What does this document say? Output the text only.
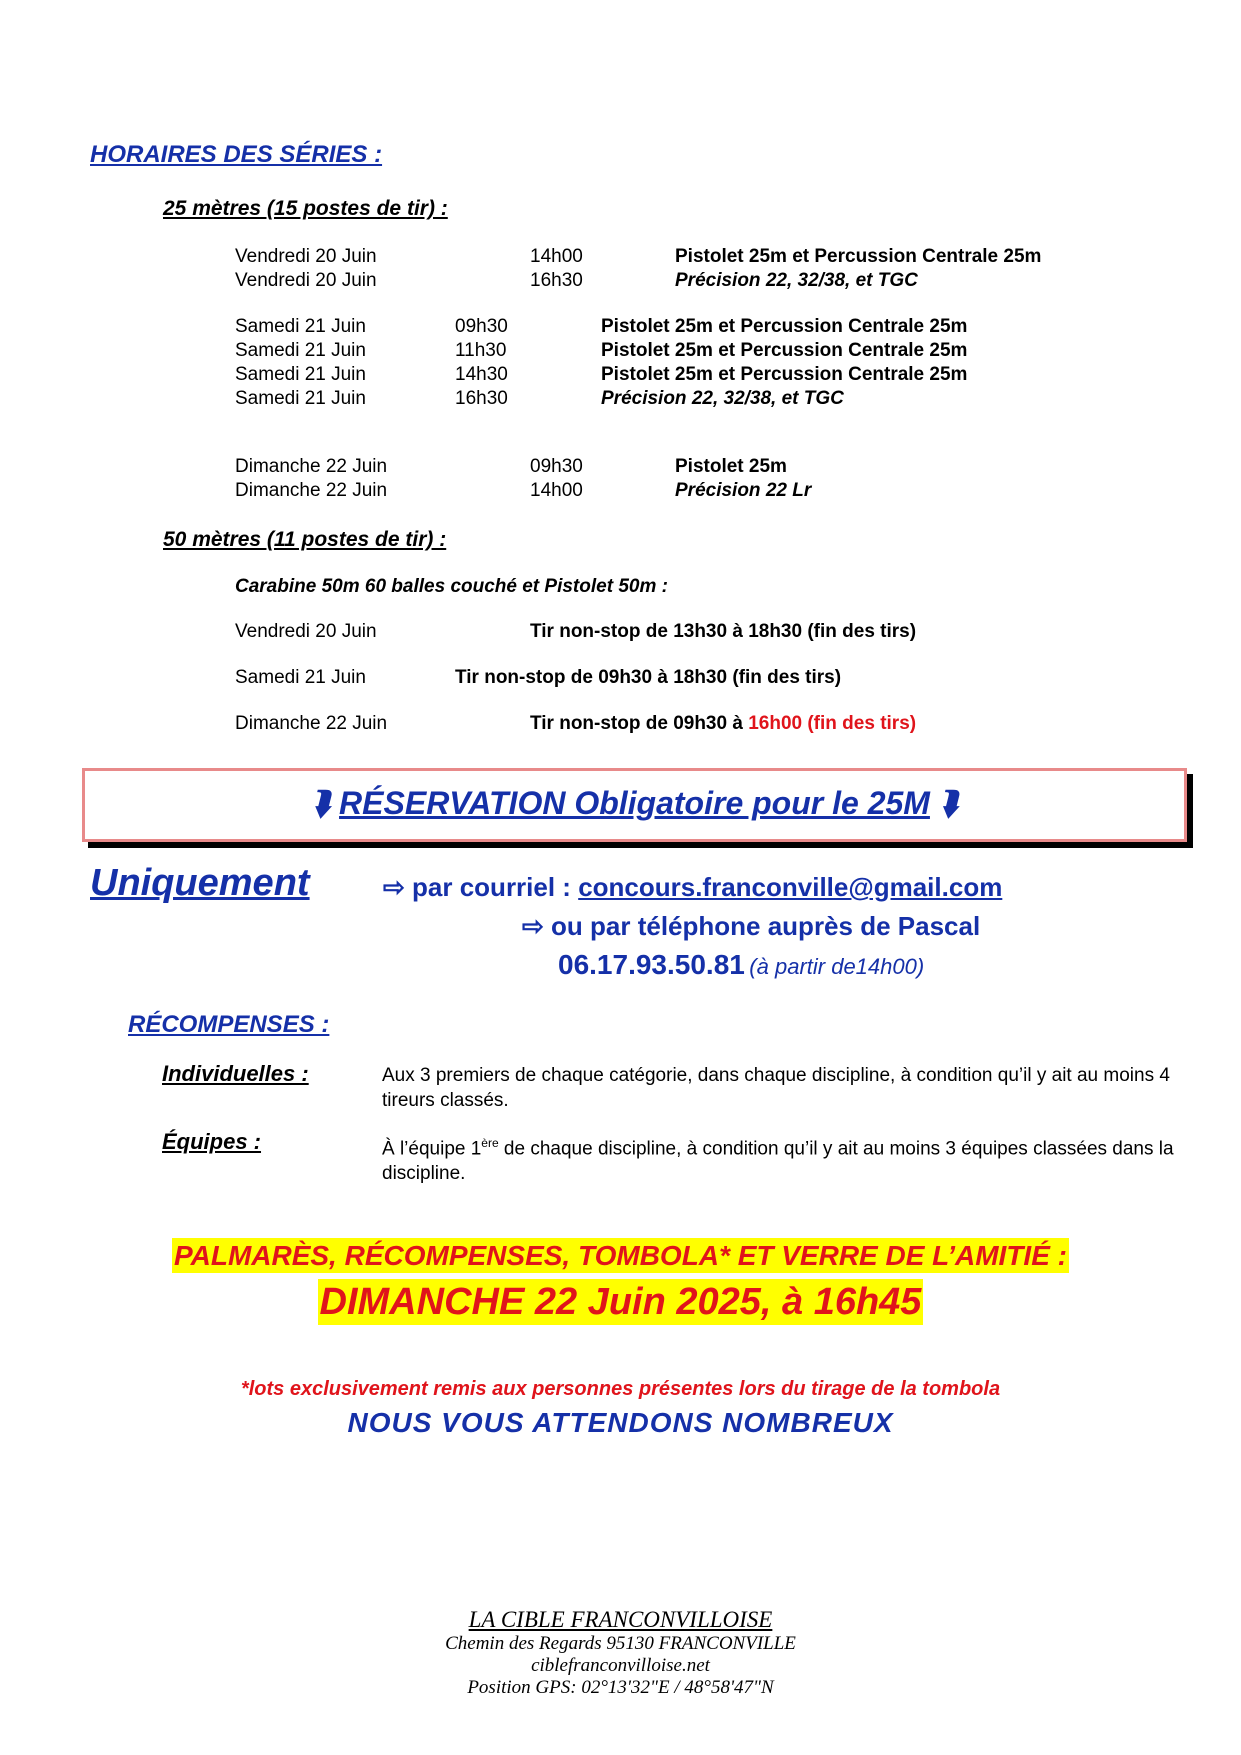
HORAIRES DES SÉRIES :
25 mètres (15 postes de tir) :
Vendredi 20 Juin	14h00	Pistolet 25m et Percussion Centrale 25m
Vendredi 20 Juin	16h30	Précision 22, 32/38, et TGC
Samedi 21 Juin	09h30	Pistolet 25m et Percussion Centrale 25m
Samedi 21 Juin	11h30	Pistolet 25m et Percussion Centrale 25m
Samedi 21 Juin	14h30	Pistolet 25m et Percussion Centrale 25m
Samedi 21 Juin	16h30	Précision 22, 32/38, et TGC
Dimanche 22 Juin	09h30	Pistolet 25m
Dimanche 22 Juin	14h00	Précision 22 Lr
50 mètres (11 postes de tir) :
Carabine 50m 60 balles couché et Pistolet 50m :
Vendredi 20 Juin	Tir non-stop de 13h30 à 18h30 (fin des tirs)
Samedi 21 Juin	Tir non-stop de 09h30 à 18h30 (fin des tirs)
Dimanche 22 Juin	Tir non-stop de 09h30 à 16h00 (fin des tirs)
⮯ RÉSERVATION Obligatoire pour le 25M ⮯
Uniquement	⇨ par courriel : concours.franconville@gmail.com
⇨ ou par téléphone auprès de Pascal
06.17.93.50.81 (à partir de14h00)
RÉCOMPENSES :
Individuelles :	Aux 3 premiers de chaque catégorie, dans chaque discipline, à condition qu’il y ait au moins 4 tireurs classés.
Équipes :	À l’équipe 1ère de chaque discipline, à condition qu’il y ait au moins 3 équipes classées dans la discipline.
PALMARÈS, RÉCOMPENSES, TOMBOLA* ET VERRE DE L’AMITIÉ :
DIMANCHE 22 Juin 2025, à 16h45
*lots exclusivement remis aux personnes présentes lors du tirage de la tombola
NOUS VOUS ATTENDONS NOMBREUX
LA CIBLE FRANCONVILLOISE
Chemin des Regards 95130 FRANCONVILLE
ciblefranconvilloise.net
Position GPS: 02°13'32"E / 48°58'47"N
